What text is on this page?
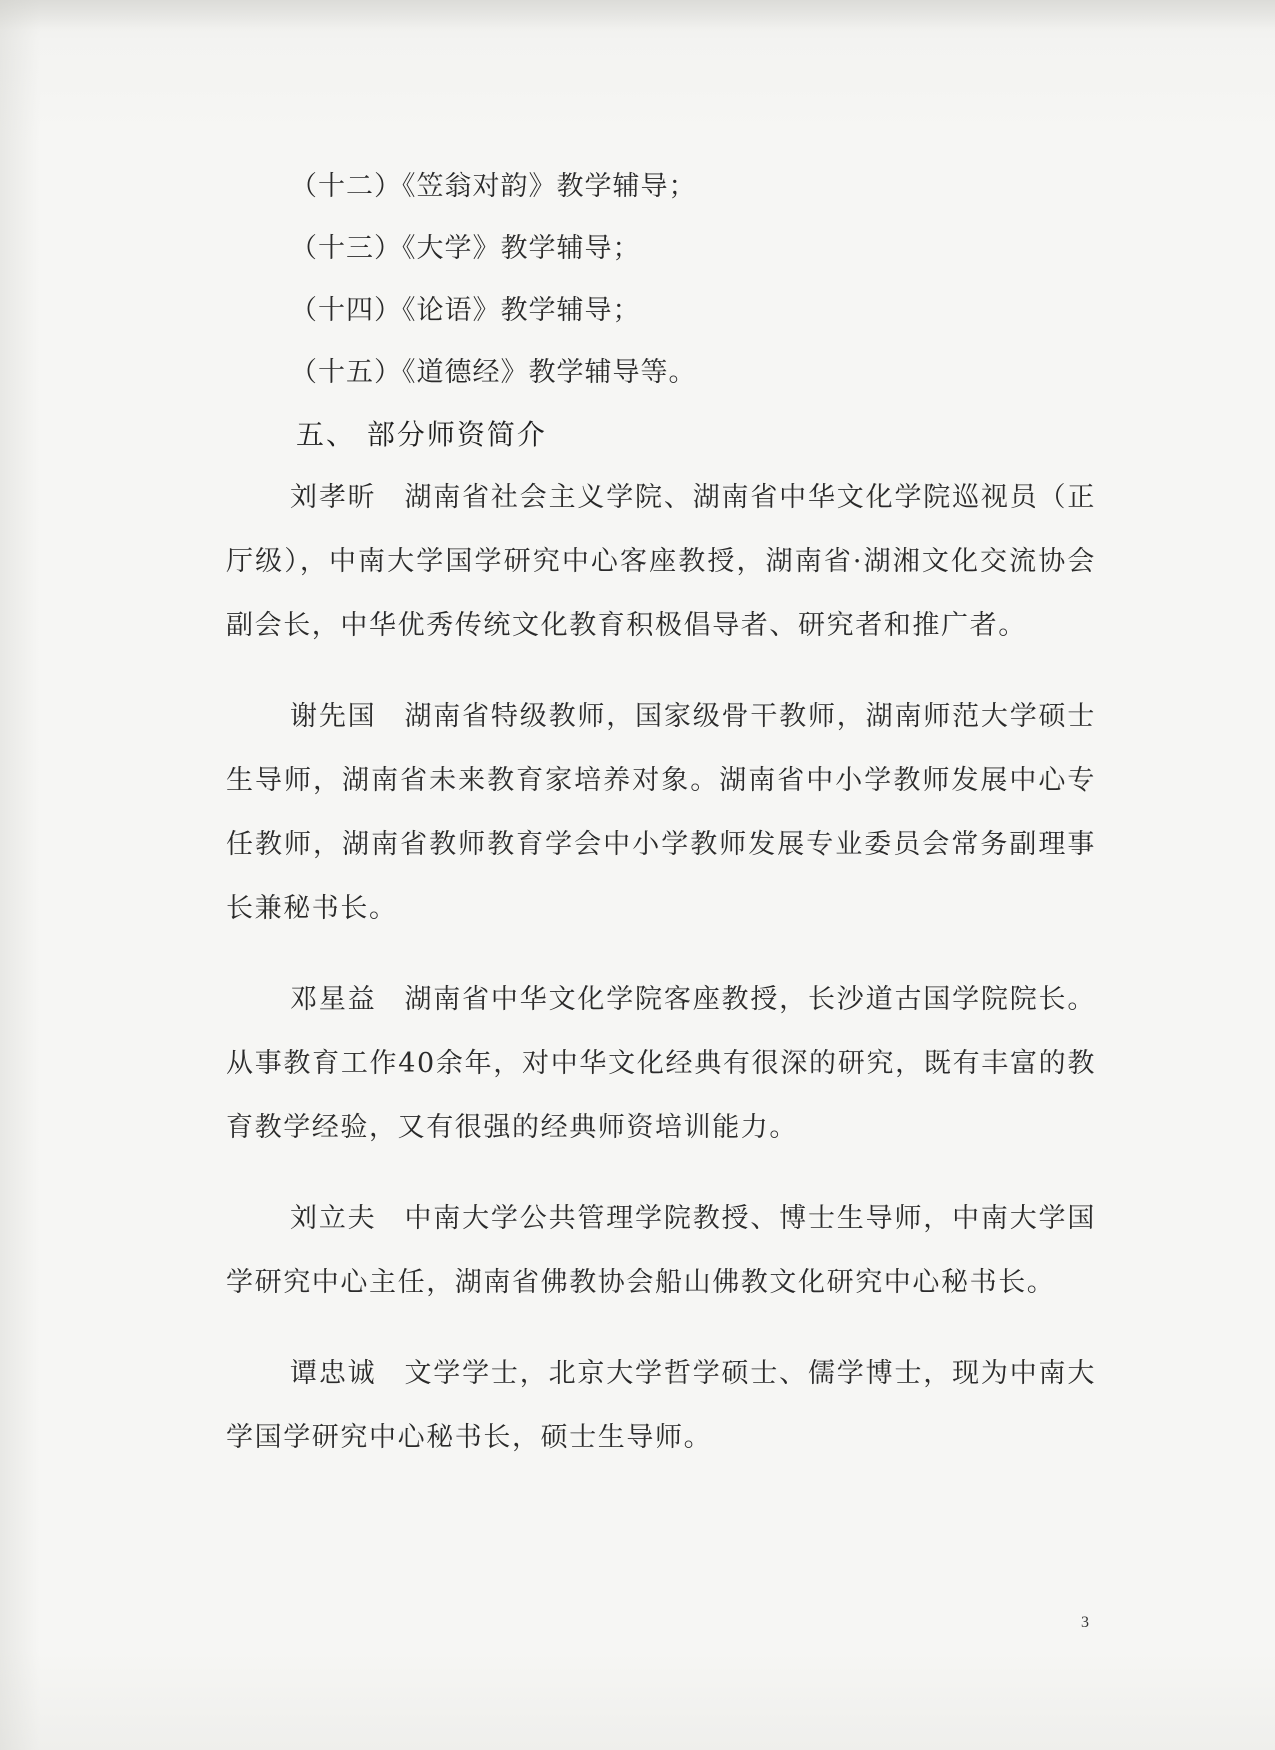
（十二）《笠翁对韵》教学辅导；
（十三）《大学》教学辅导；
（十四）《论语》教学辅导；
（十五）《道德经》教学辅导等。
五、 部分师资简介

刘孝昕 湖南省社会主义学院、湖南省中华文化学院巡视员（正厅级），中南大学国学研究中心客座教授，湖南省·湖湘文化交流协会副会长，中华优秀传统文化教育积极倡导者、研究者和推广者。

谢先国 湖南省特级教师，国家级骨干教师，湖南师范大学硕士生导师，湖南省未来教育家培养对象。湖南省中小学教师发展中心专任教师，湖南省教师教育学会中小学教师发展专业委员会常务副理事长兼秘书长。

邓星益 湖南省中华文化学院客座教授，长沙道古国学院院长。从事教育工作40余年，对中华文化经典有很深的研究，既有丰富的教育教学经验，又有很强的经典师资培训能力。

刘立夫 中南大学公共管理学院教授、博士生导师，中南大学国学研究中心主任，湖南省佛教协会船山佛教文化研究中心秘书长。

谭忠诚 文学学士，北京大学哲学硕士、儒学博士，现为中南大学国学研究中心秘书长，硕士生导师。

3
